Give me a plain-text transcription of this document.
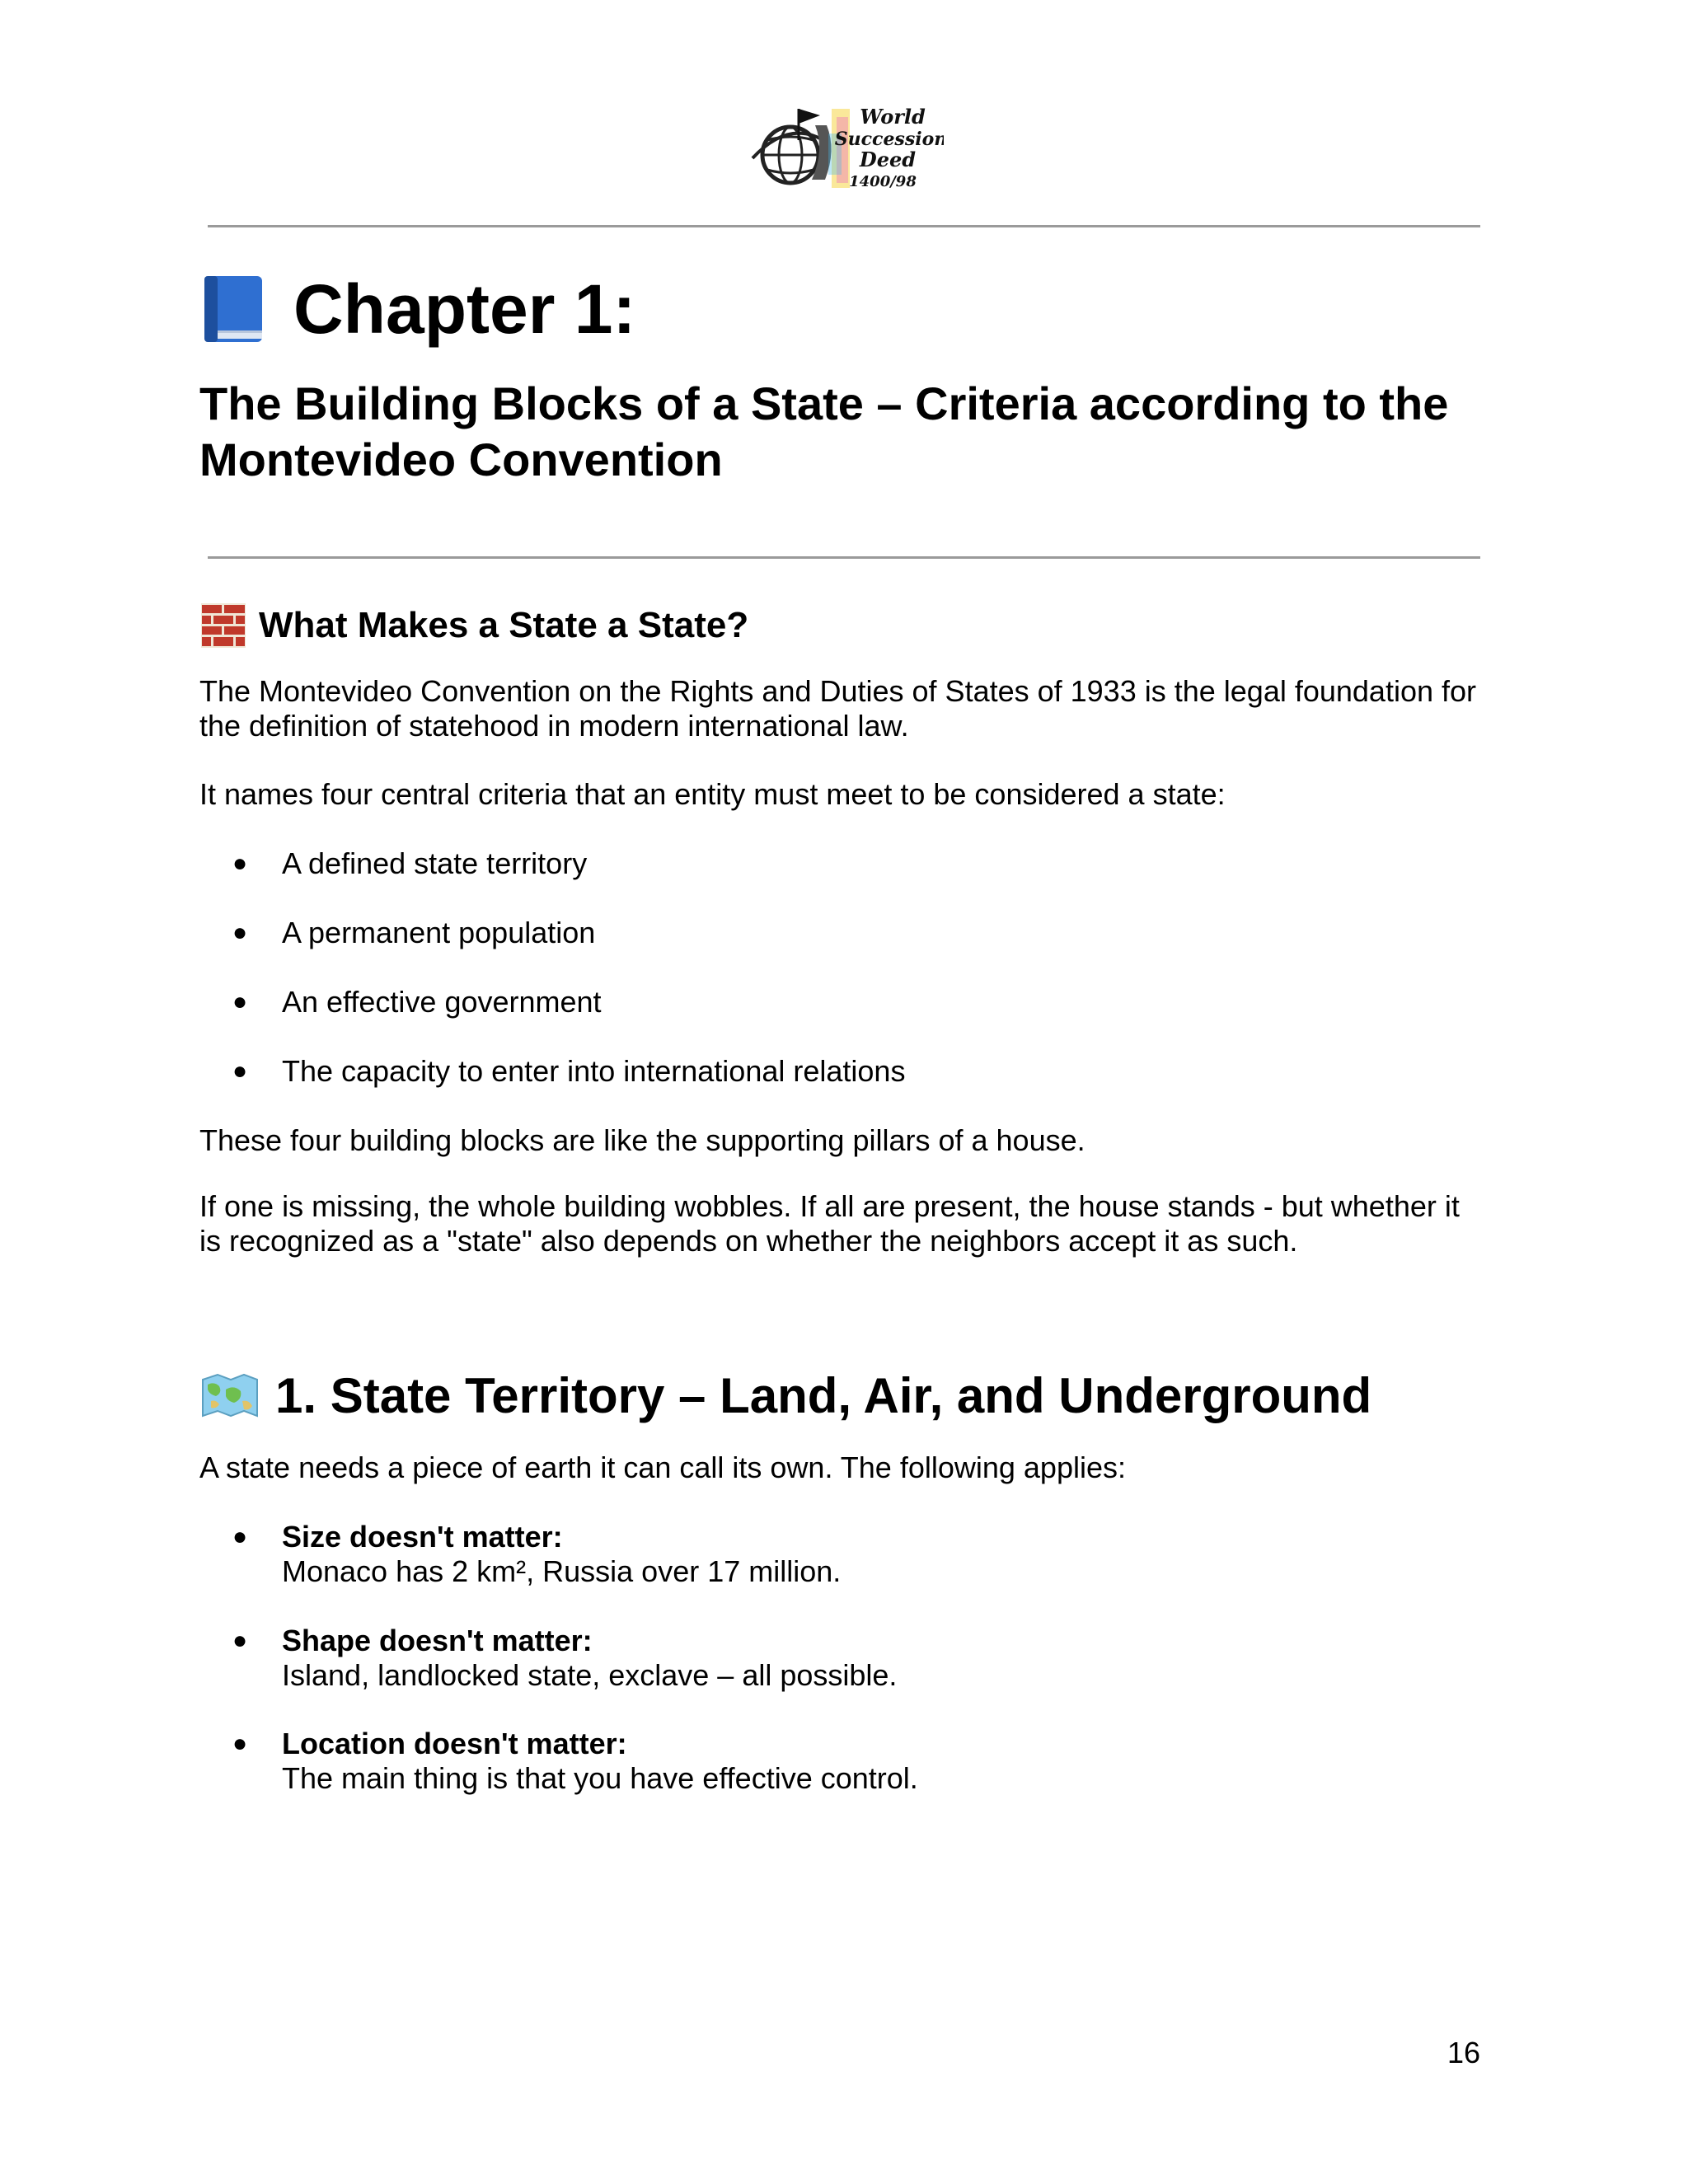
World
Succession
Deed
1400/98
Chapter 1:
The Building Blocks of a State – Criteria according to the Montevideo Convention
What Makes a State a State?
The Montevideo Convention on the Rights and Duties of States of 1933 is the legal foundation for the definition of statehood in modern international law.
It names four central criteria that an entity must meet to be considered a state:
● A defined state territory
● A permanent population
● An effective government
● The capacity to enter into international relations
These four building blocks are like the supporting pillars of a house.
If one is missing, the whole building wobbles. If all are present, the house stands - but whether it is recognized as a "state" also depends on whether the neighbors accept it as such.
1. State Territory – Land, Air, and Underground
A state needs a piece of earth it can call its own. The following applies:
● Size doesn't matter:
Monaco has 2 km², Russia over 17 million.
● Shape doesn't matter:
Island, landlocked state, exclave – all possible.
● Location doesn't matter:
The main thing is that you have effective control.
16
